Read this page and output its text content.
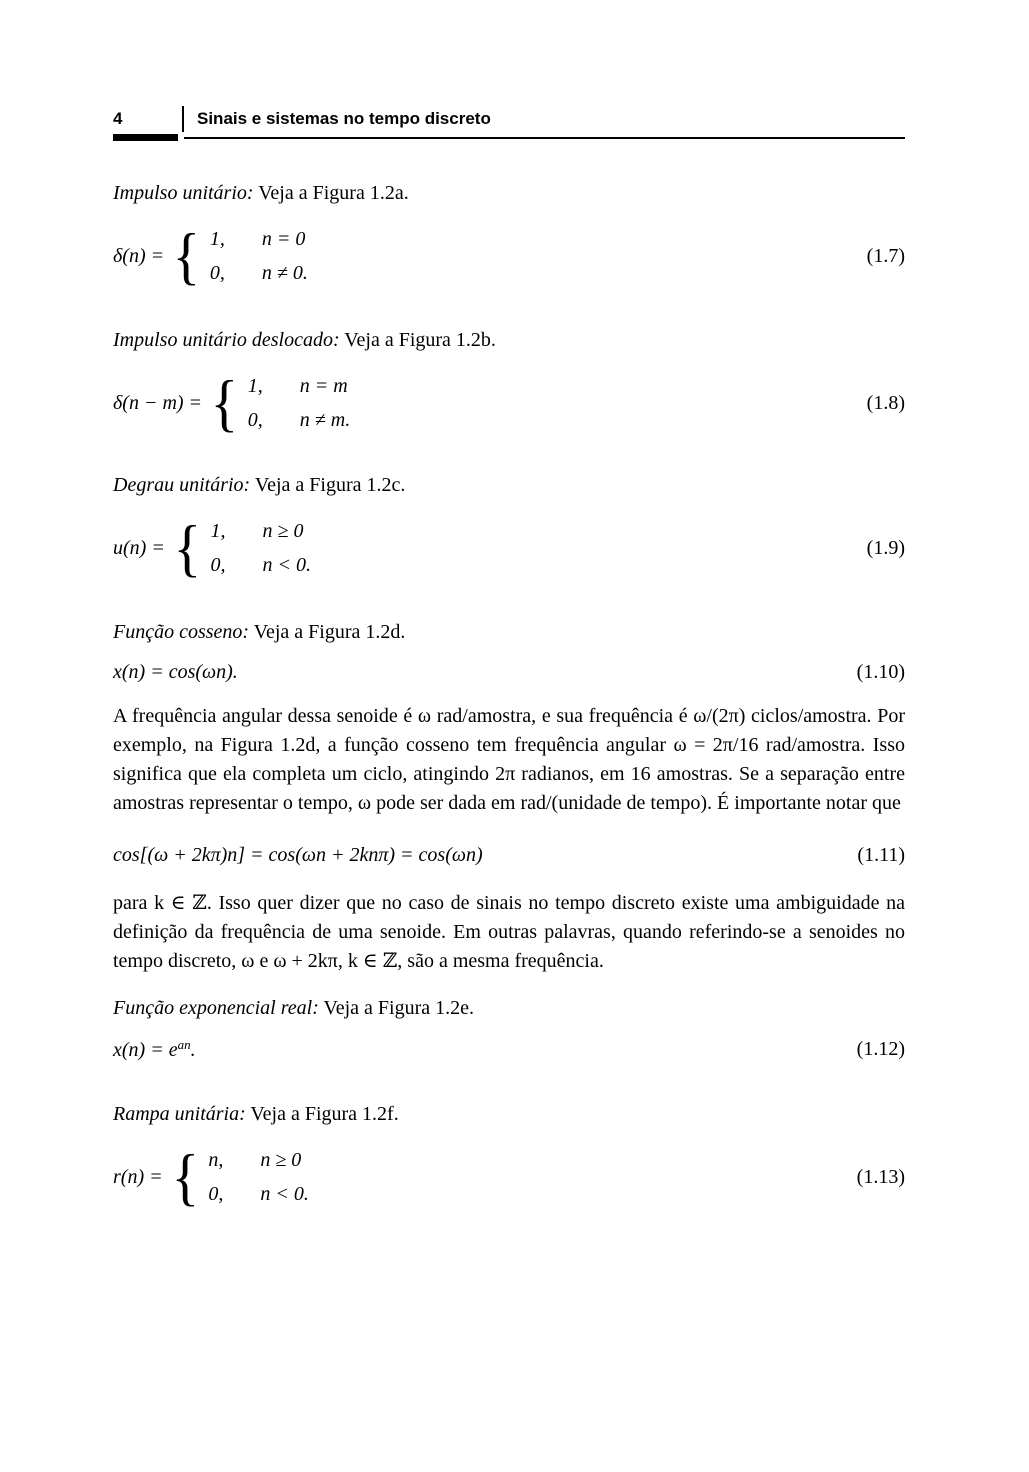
4	Sinais e sistemas no tempo discreto

Impulso unitário: Veja a Figura 1.2a.

δ(n) = { 1,	n = 0
0,	n ≠ 0.
(1.7)

Impulso unitário deslocado: Veja a Figura 1.2b.

δ(n − m) = { 1,	n = m
0,	n ≠ m.
(1.8)

Degrau unitário: Veja a Figura 1.2c.

u(n) = { 1,	n ≥ 0
0,	n < 0.
(1.9)

Função cosseno: Veja a Figura 1.2d.

x(n) = cos(ωn).	(1.10)

A frequência angular dessa senoide é ω rad/amostra, e sua frequência é ω/(2π) ciclos/amostra. Por exemplo, na Figura 1.2d, a função cosseno tem frequência angular ω = 2π/16 rad/amostra. Isso significa que ela completa um ciclo, atingindo 2π radianos, em 16 amostras. Se a separação entre amostras representar o tempo, ω pode ser dada em rad/(unidade de tempo). É importante notar que

cos[(ω + 2kπ)n] = cos(ωn + 2knπ) = cos(ωn)	(1.11)

para k ∈ ℤ. Isso quer dizer que no caso de sinais no tempo discreto existe uma ambiguidade na definição da frequência de uma senoide. Em outras palavras, quando referindo-se a senoides no tempo discreto, ω e ω + 2kπ, k ∈ ℤ, são a mesma frequência.

Função exponencial real: Veja a Figura 1.2e.

$x(n) = e^{an}$.	(1.12)

Rampa unitária: Veja a Figura 1.2f.

r(n) = { n,	n ≥ 0
0,	n < 0.
(1.13)
